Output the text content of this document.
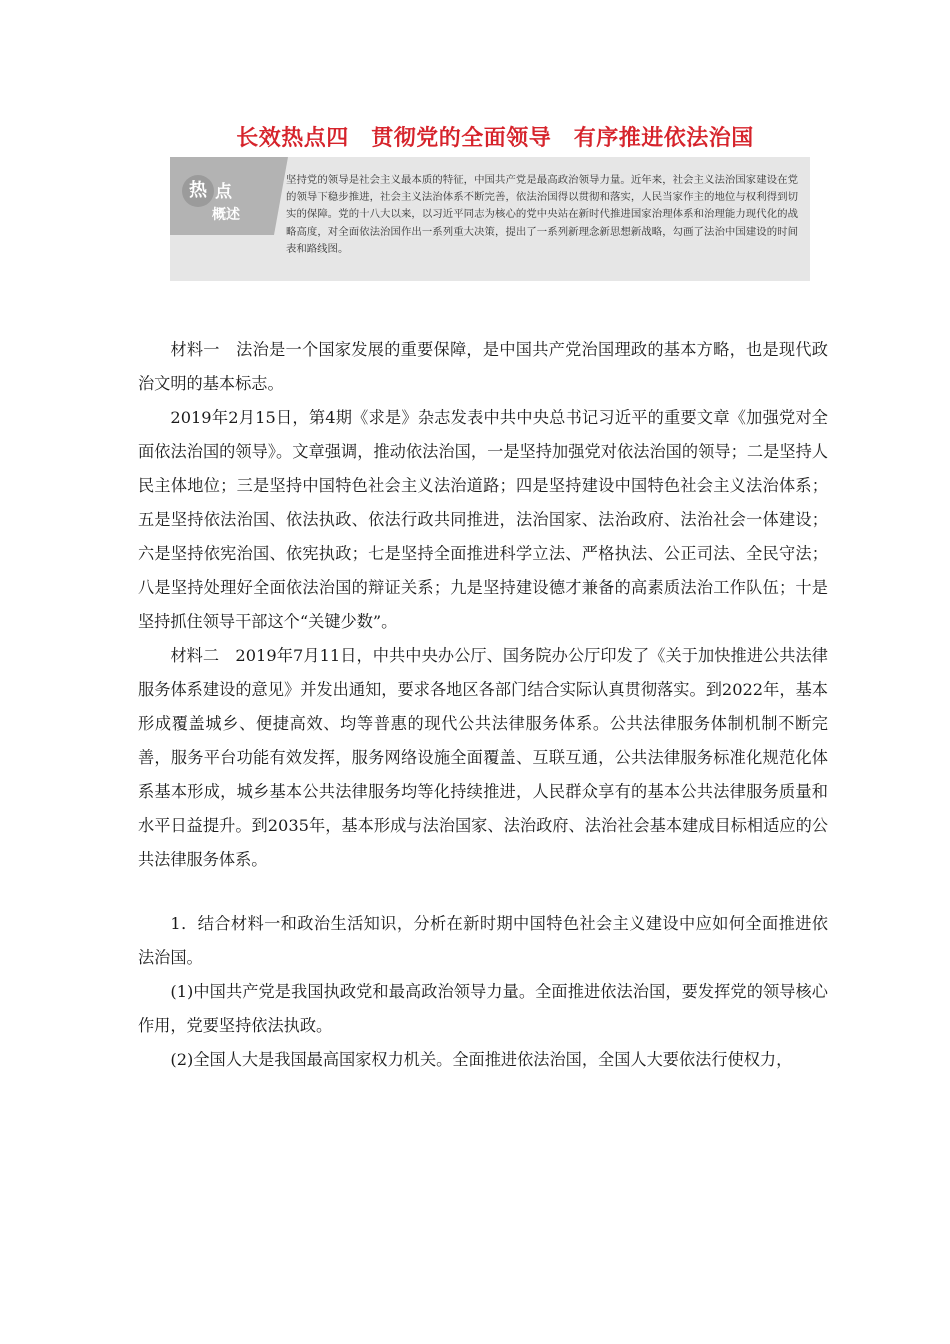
长效热点四　贯彻党的全面领导　有序推进依法治国
热 点
概述
坚持党的领导是社会主义最本质的特征，中国共产党是最高政治领导力量。近年来，社会主义法治国家建设在党的领导下稳步推进，社会主义法治体系不断完善，依法治国得以贯彻和落实，人民当家作主的地位与权利得到切实的保障。党的十八大以来，以习近平同志为核心的党中央站在新时代推进国家治理体系和治理能力现代化的战略高度，对全面依法治国作出一系列重大决策，提出了一系列新理念新思想新战略，勾画了法治中国建设的时间表和路线图。

材料一　法治是一个国家发展的重要保障，是中国共产党治国理政的基本方略，也是现代政治文明的基本标志。

2019年2月15日，第4期《求是》杂志发表中共中央总书记习近平的重要文章《加强党对全面依法治国的领导》。文章强调，推动依法治国，一是坚持加强党对依法治国的领导；二是坚持人民主体地位；三是坚持中国特色社会主义法治道路；四是坚持建设中国特色社会主义法治体系；五是坚持依法治国、依法执政、依法行政共同推进，法治国家、法治政府、法治社会一体建设；六是坚持依宪治国、依宪执政；七是坚持全面推进科学立法、严格执法、公正司法、全民守法；八是坚持处理好全面依法治国的辩证关系；九是坚持建设德才兼备的高素质法治工作队伍；十是坚持抓住领导干部这个“关键少数”。

材料二　2019年7月11日，中共中央办公厅、国务院办公厅印发了《关于加快推进公共法律服务体系建设的意见》并发出通知，要求各地区各部门结合实际认真贯彻落实。到2022年，基本形成覆盖城乡、便捷高效、均等普惠的现代公共法律服务体系。公共法律服务体制机制不断完善，服务平台功能有效发挥，服务网络设施全面覆盖、互联互通，公共法律服务标准化规范化体系基本形成，城乡基本公共法律服务均等化持续推进，人民群众享有的基本公共法律服务质量和水平日益提升。到2035年，基本形成与法治国家、法治政府、法治社会基本建成目标相适应的公共法律服务体系。

1．结合材料一和政治生活知识，分析在新时期中国特色社会主义建设中应如何全面推进依法治国。

(1)中国共产党是我国执政党和最高政治领导力量。全面推进依法治国，要发挥党的领导核心作用，党要坚持依法执政。

(2)全国人大是我国最高国家权力机关。全面推进依法治国，全国人大要依法行使权力，
